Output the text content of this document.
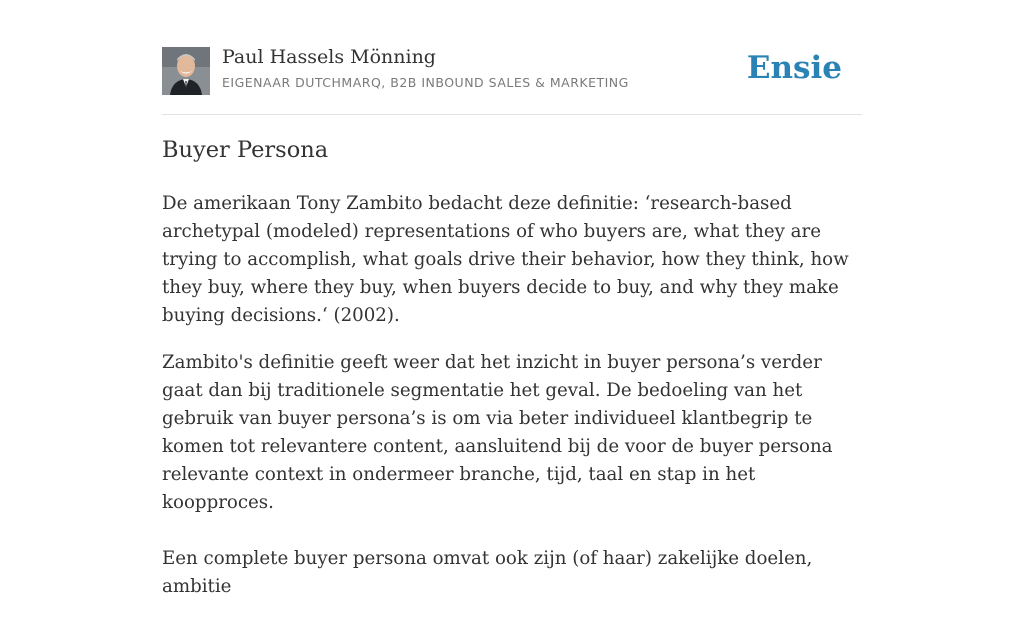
Paul Hassels Mönning
EIGENAAR DUTCHMARQ, B2B INBOUND SALES & MARKETING	Ensie
Buyer Persona

De amerikaan Tony Zambito bedacht deze definitie: ‘research-based archetypal (modeled) representations of who buyers are, what they are trying to accomplish, what goals drive their behavior, how they think, how they buy, where they buy, when buyers decide to buy, and why they make buying decisions.‘ (2002).

Zambito's definitie geeft weer dat het inzicht in buyer persona’s verder gaat dan bij traditionele segmentatie het geval. De bedoeling van het gebruik van buyer persona’s is om via beter individueel klantbegrip te komen tot relevantere content, aansluitend bij de voor de buyer persona relevante context in ondermeer branche, tijd, taal en stap in het koopproces.

Een complete buyer persona omvat ook zijn (of haar) zakelijke doelen, ambitie
